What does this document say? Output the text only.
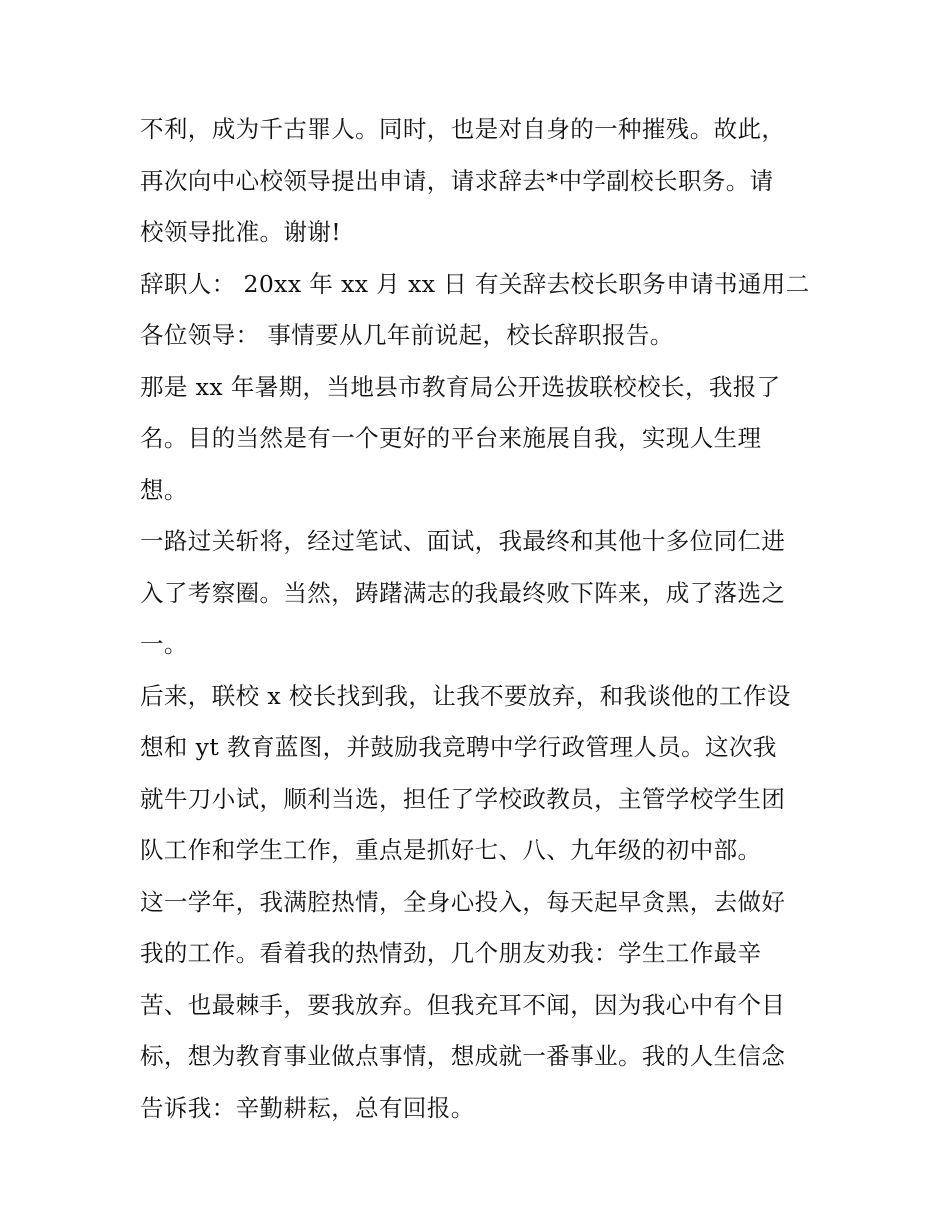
不利，成为千古罪人。同时，也是对自身的一种摧残。故此，
再次向中心校领导提出申请，请求辞去*中学副校长职务。请
校领导批准。谢谢!
辞职人： 20xx 年 xx 月 xx 日 有关辞去校长职务申请书通用二
各位领导： 事情要从几年前说起，校长辞职报告。
那是 xx 年暑期，当地县市教育局公开选拔联校校长，我报了
名。目的当然是有一个更好的平台来施展自我，实现人生理
想。
一路过关斩将，经过笔试、面试，我最终和其他十多位同仁进
入了考察圈。当然，踌躇满志的我最终败下阵来，成了落选之
一。
后来，联校 x 校长找到我，让我不要放弃，和我谈他的工作设
想和 yt 教育蓝图，并鼓励我竞聘中学行政管理人员。这次我
就牛刀小试，顺利当选，担任了学校政教员，主管学校学生团
队工作和学生工作，重点是抓好七、八、九年级的初中部。
这一学年，我满腔热情，全身心投入，每天起早贪黑，去做好
我的工作。看着我的热情劲，几个朋友劝我：学生工作最辛
苦、也最棘手，要我放弃。但我充耳不闻，因为我心中有个目
标，想为教育事业做点事情，想成就一番事业。我的人生信念
告诉我：辛勤耕耘，总有回报。
